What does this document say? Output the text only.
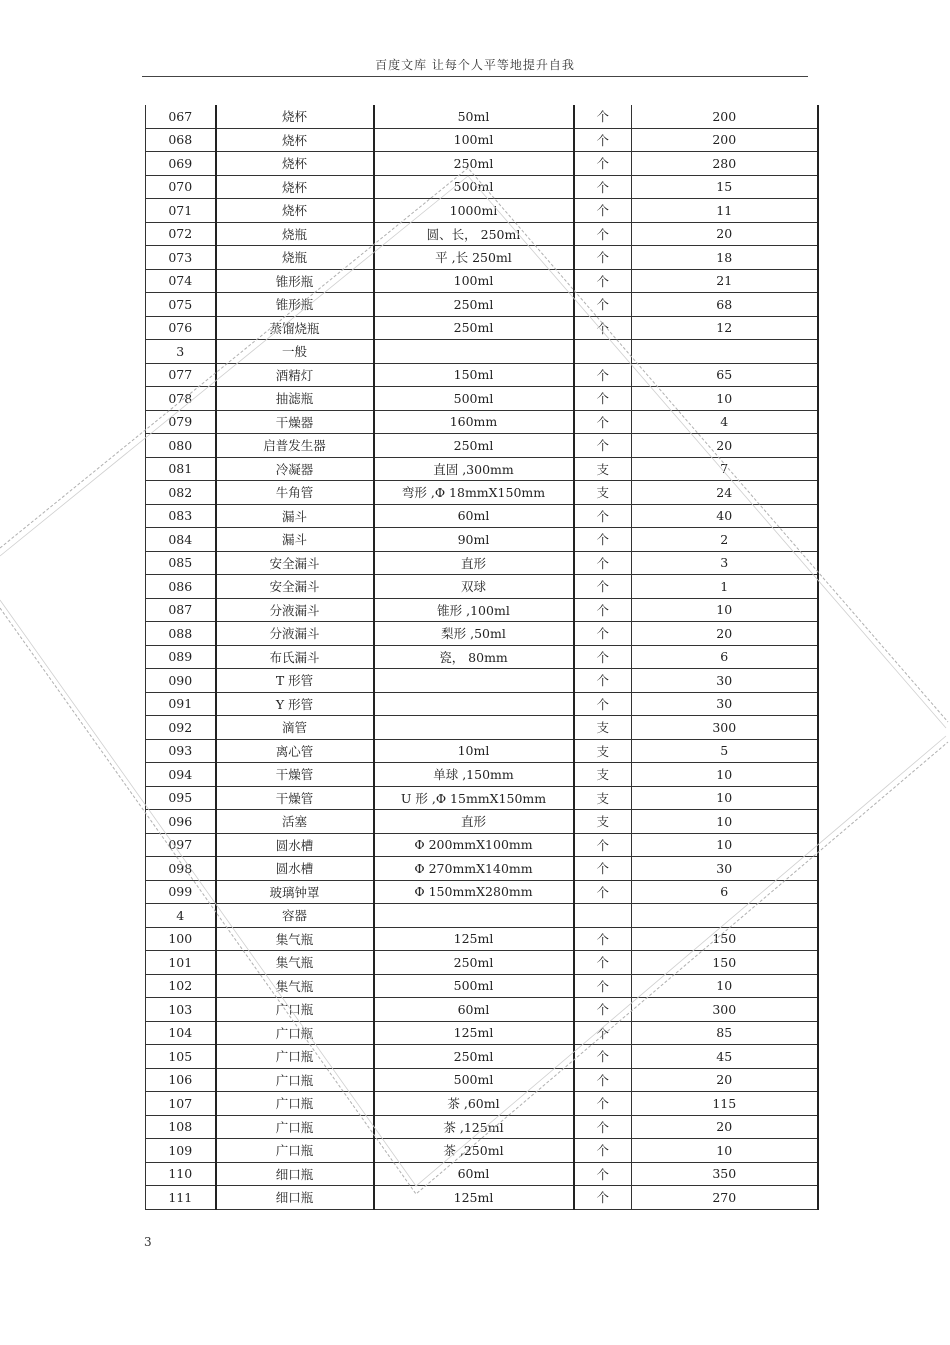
百度文库 让每个人平等地提升自我
067	烧杯	50ml	个	200
068	烧杯	100ml	个	200
069	烧杯	250ml	个	280
070	烧杯	500ml	个	15
071	烧杯	1000ml	个	11
072	烧瓶	圆、长， 250ml	个	20
073	烧瓶	平 ,长 250ml	个	18
074	锥形瓶	100ml	个	21
075	锥形瓶	250ml	个	68
076	蒸馏烧瓶	250ml	个	12
3	一般			
077	酒精灯	150ml	个	65
078	抽滤瓶	500ml	个	10
079	干燥器	160mm	个	4
080	启普发生器	250ml	个	20
081	冷凝器	直固 ,300mm	支	7
082	牛角管	弯形 ,Φ 18mmX150mm	支	24
083	漏斗	60ml	个	40
084	漏斗	90ml	个	2
085	安全漏斗	直形	个	3
086	安全漏斗	双球	个	1
087	分液漏斗	锥形 ,100ml	个	10
088	分液漏斗	梨形 ,50ml	个	20
089	布氏漏斗	瓷， 80mm	个	6
090	T 形管		个	30
091	Y 形管		个	30
092	滴管		支	300
093	离心管	10ml	支	5
094	干燥管	单球 ,150mm	支	10
095	干燥管	U 形 ,Φ 15mmX150mm	支	10
096	活塞	直形	支	10
097	圆水槽	Φ 200mmX100mm	个	10
098	圆水槽	Φ 270mmX140mm	个	30
099	玻璃钟罩	Φ 150mmX280mm	个	6
4	容器			
100	集气瓶	125ml	个	150
101	集气瓶	250ml	个	150
102	集气瓶	500ml	个	10
103	广口瓶	60ml	个	300
104	广口瓶	125ml	个	85
105	广口瓶	250ml	个	45
106	广口瓶	500ml	个	20
107	广口瓶	茶 ,60ml	个	115
108	广口瓶	茶 ,125ml	个	20
109	广口瓶	茶 ,250ml	个	10
110	细口瓶	60ml	个	350
111	细口瓶	125ml	个	270
3
